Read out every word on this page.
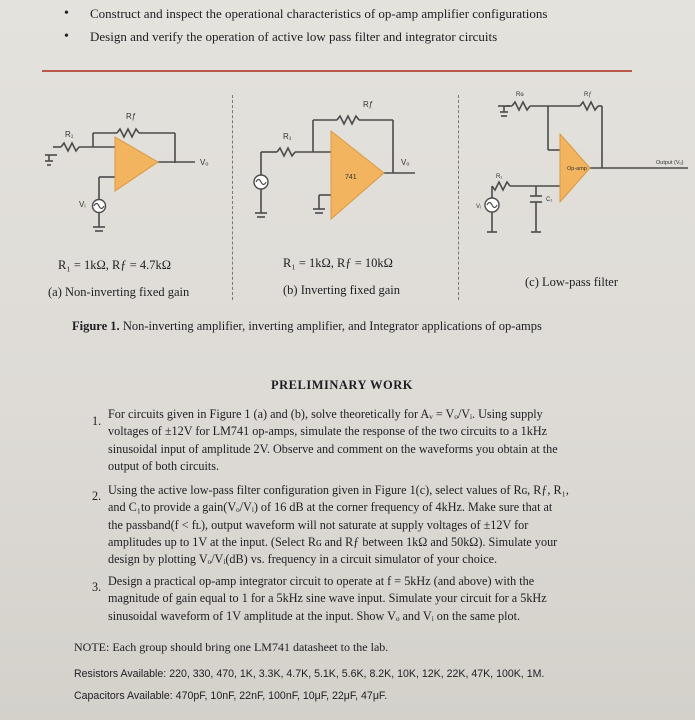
• Construct and inspect the operational characteristics of op-amp amplifier configurations
• Design and verify the operation of active low pass filter and integrator circuits
Rƒ
R₁
Vₒ
Vᵢ
741
Rƒ
R₁
Vₒ
Op-amp
Output (Vₒ)
Rƒ
Rɢ
R₁
C₁
Vᵢ
R₁ = 1kΩ, Rƒ = 4.7kΩ	R₁ = 1kΩ, Rƒ = 10kΩ
(a) Non-inverting fixed gain	(b) Inverting fixed gain
(c) Low-pass filter
Figure 1. Non-inverting amplifier, inverting amplifier, and Integrator applications of op-amps
PRELIMINARY WORK
1. For circuits given in Figure 1 (a) and (b), solve theoretically for Aᵥ = Vₒ/Vᵢ. Using supply
voltages of ±12V for LM741 op-amps, simulate the response of the two circuits to a 1kHz
sinusoidal input of amplitude 2V. Observe and comment on the waveforms you obtain at the
output of both circuits.
2. Using the active low-pass filter configuration given in Figure 1(c), select values of Rɢ, Rƒ, R₁,
and C₁to provide a gain(Vₒ/Vᵢ) of 16 dB at the corner frequency of 4kHz. Make sure that at
the passband(f < fʟ), output waveform will not saturate at supply voltages of ±12V for
amplitudes up to 1V at the input. (Select Rɢ and Rƒ between 1kΩ and 50kΩ). Simulate your
design by plotting Vₒ/Vᵢ(dB) vs. frequency in a circuit simulator of your choice.
3. Design a practical op-amp integrator circuit to operate at f = 5kHz (and above) with the
magnitude of gain equal to 1 for a 5kHz sine wave input. Simulate your circuit for a 5kHz
sinusoidal waveform of 1V amplitude at the input. Show Vₒ and Vᵢ on the same plot.
NOTE: Each group should bring one LM741 datasheet to the lab.
Resistors Available: 220, 330, 470, 1K, 3.3K, 4.7K, 5.1K, 5.6K, 8.2K, 10K, 12K, 22K, 47K, 100K, 1M.
Capacitors Available: 470pF, 10nF, 22nF, 100nF, 10μF, 22μF, 47μF.
